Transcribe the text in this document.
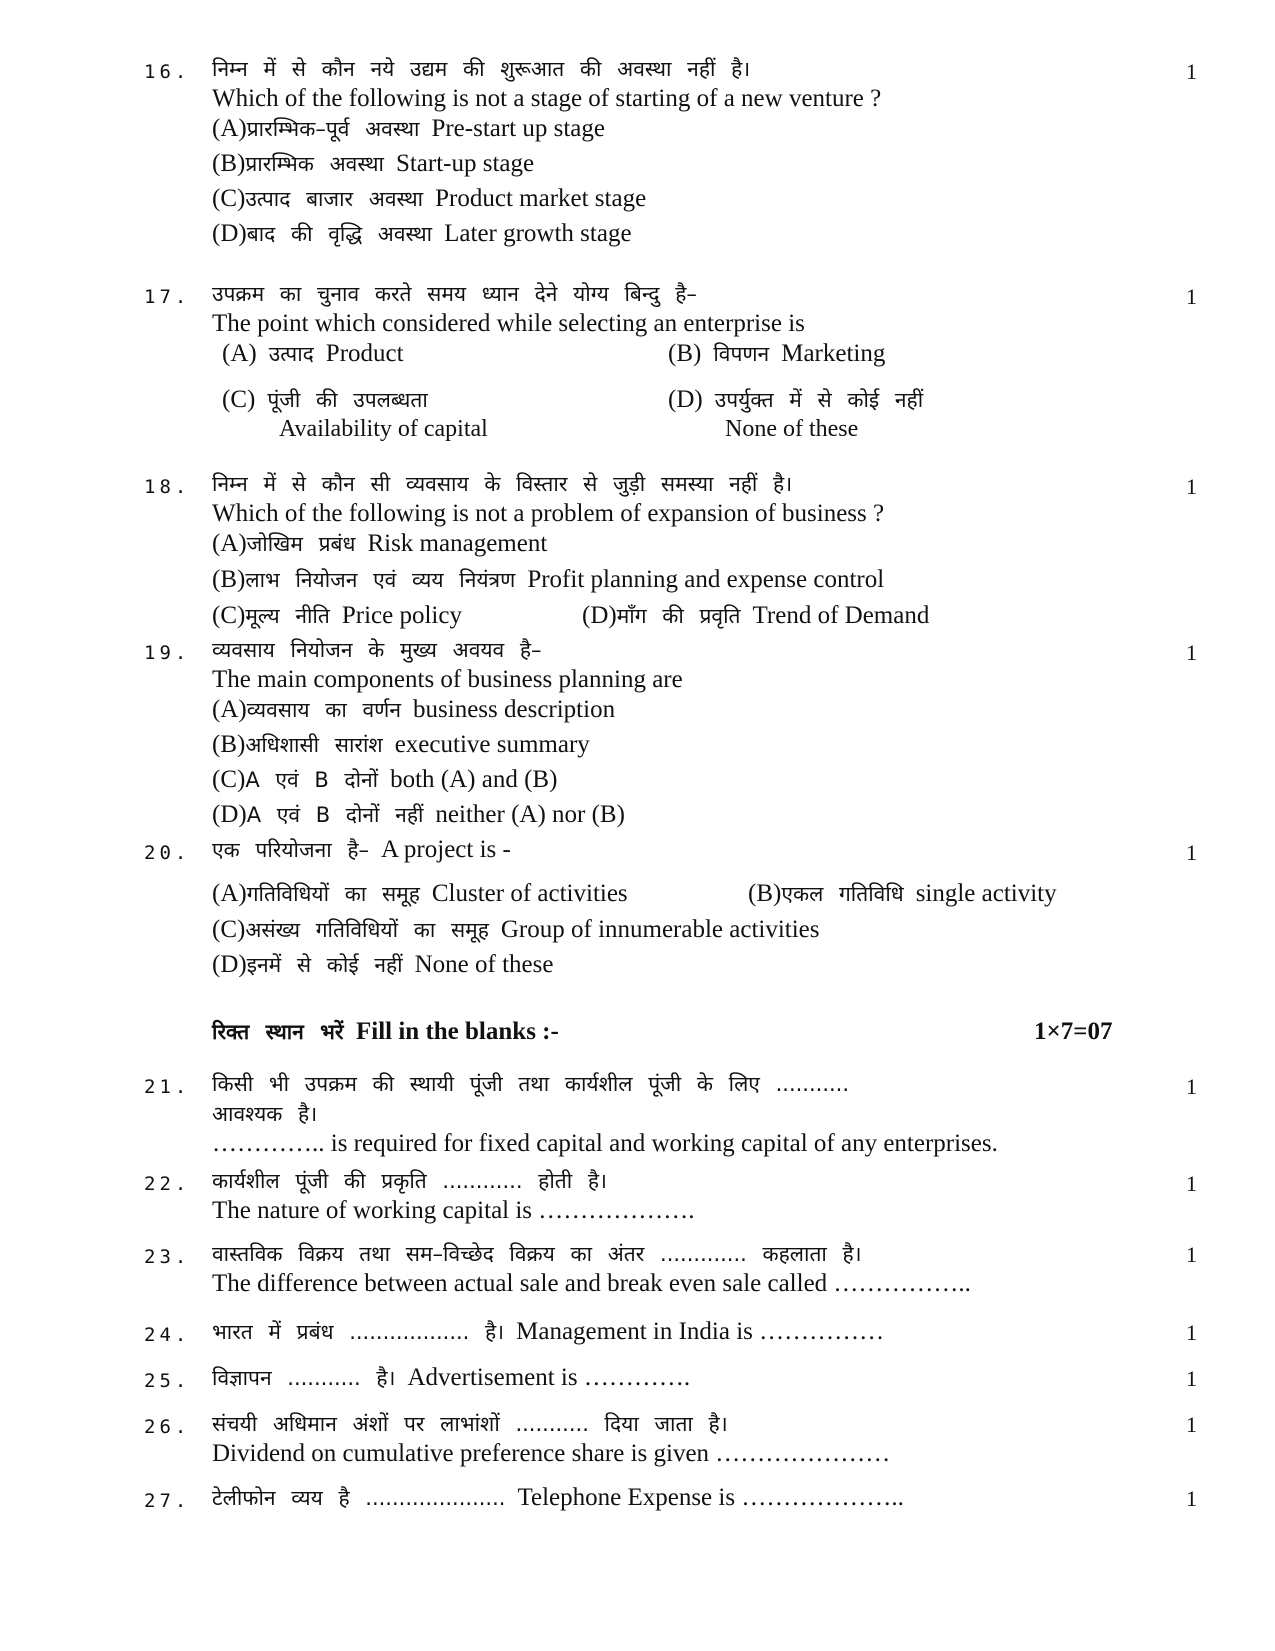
16.	निम्न में से कौन नये उद्यम की शुरूआत की अवस्था नहीं है।	1
Which of the following is not a stage of starting of a new venture ?
(A)प्रारम्भिक–पूर्व अवस्था Pre-start up stage
(B)प्रारम्भिक अवस्था Start-up stage
(C)उत्पाद बाजार अवस्था Product market stage
(D)बाद की वृद्धि अवस्था Later growth stage
17.	उपक्रम का चुनाव करते समय ध्यान देने योग्य बिन्दु है–	1
The point which considered while selecting an enterprise is
(A) उत्पाद Product	(B) विपणन Marketing
(C) पूंजी की उपलब्धता
Availability of capital
(D) उपर्युक्त में से कोई नहीं
None of these
18.	निम्न में से कौन सी व्यवसाय के विस्तार से जुड़ी समस्या नहीं है।	1
Which of the following is not a problem of expansion of business ?
(A)जोखिम प्रबंध Risk management
(B)लाभ नियोजन एवं व्यय नियंत्रण Profit planning and expense control
(C)मूल्य नीति Price policy	(D)माँग की प्रवृति Trend of Demand
19.	व्यवसाय नियोजन के मुख्य अवयव है–	1
The main components of business planning are
(A)व्यवसाय का वर्णन business description
(B)अधिशासी सारांश executive summary
(C)A एवं B दोनों both (A) and (B)
(D)A एवं B दोनों नहीं neither (A) nor (B)
20.	एक परियोजना है– A project is -	1
(A)गतिविधियों का समूह Cluster of activities	(B)एकल गतिविधि single activity
(C)असंख्य गतिविधियों का समूह Group of innumerable activities
(D)इनमें से कोई नहीं None of these
रिक्त स्थान भरें Fill in the blanks :-	1×7=07
21.	किसी भी उपक्रम की स्थायी पूंजी तथा कार्यशील पूंजी के लिए ...........	1
आवश्यक है।
………….. is required for fixed capital and working capital of any enterprises.
22.	कार्यशील पूंजी की प्रकृति ............ होती है।	1
The nature of working capital is ……………….
23.	वास्तविक विक्रय तथा सम–विच्छेद विक्रय का अंतर ............. कहलाता है।	1
The difference between actual sale and break even sale called ……………..
24.	भारत में प्रबंध .................. है। Management in India is ……………	1
25.	विज्ञापन ........... है। Advertisement is ………….	1
26.	संचयी अधिमान अंशों पर लाभांशों ........... दिया जाता है।	1
Dividend on cumulative preference share is given …………………
27.	टेलीफोन व्यय है ..................... Telephone Expense is ………………..	1
